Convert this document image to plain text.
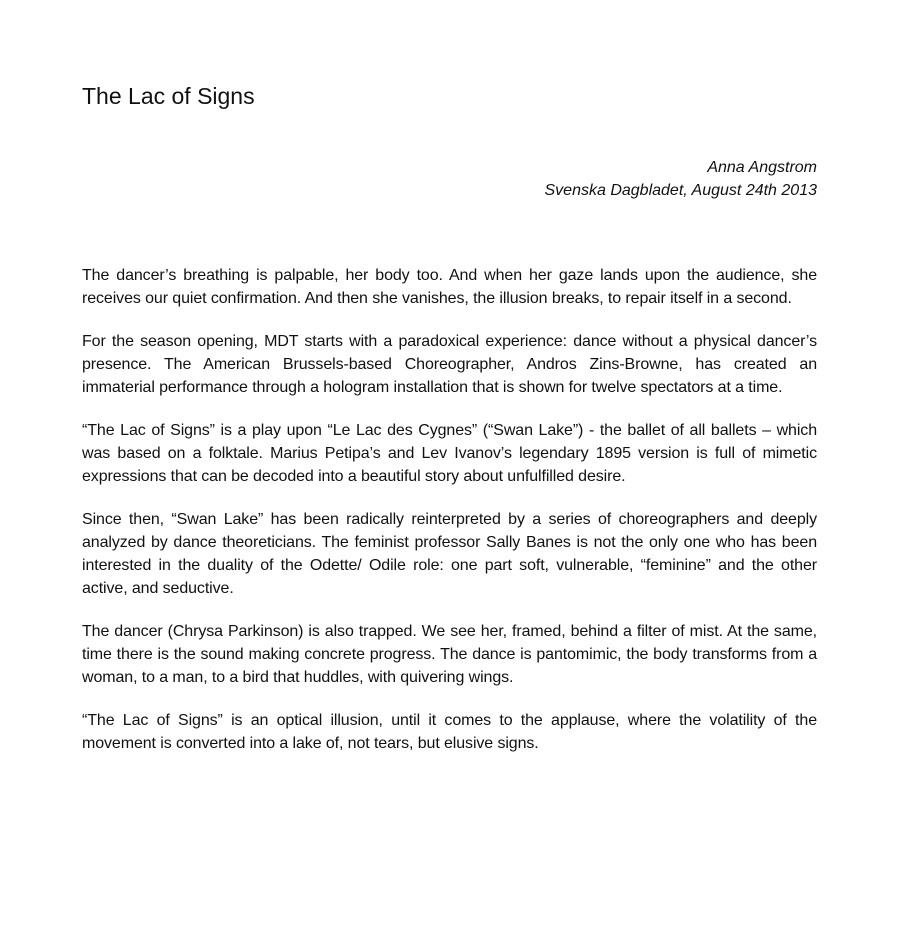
The Lac of Signs
Anna Angstrom
Svenska Dagbladet, August 24th 2013

The dancer’s breathing is palpable, her body too. And when her gaze lands upon the audience, she receives our quiet confirmation. And then she vanishes, the illusion breaks, to repair itself in a second.

For the season opening, MDT starts with a paradoxical experience: dance without a physical dancer’s presence. The American Brussels-based Choreographer, Andros Zins-Browne, has created an immaterial performance through a hologram installation that is shown for twelve spectators at a time.

“The Lac of Signs” is a play upon “Le Lac des Cygnes” (“Swan Lake”) - the ballet of all ballets – which was based on a folktale. Marius Petipa’s and Lev Ivanov’s legendary 1895 version is full of mimetic expressions that can be decoded into a beautiful story about unfulfilled desire.

Since then, “Swan Lake” has been radically reinterpreted by a series of choreographers and deeply analyzed by dance theoreticians. The feminist professor Sally Banes is not the only one who has been interested in the duality of the Odette/ Odile role: one part soft, vulnerable, “feminine” and the other active, and seductive.

The dancer (Chrysa Parkinson) is also trapped. We see her, framed, behind a filter of mist. At the same, time there is the sound making concrete progress. The dance is pantomimic, the body transforms from a woman, to a man, to a bird that huddles, with quivering wings.

“The Lac of Signs” is an optical illusion, until it comes to the applause, where the volatility of the movement is converted into a lake of, not tears, but elusive signs.
